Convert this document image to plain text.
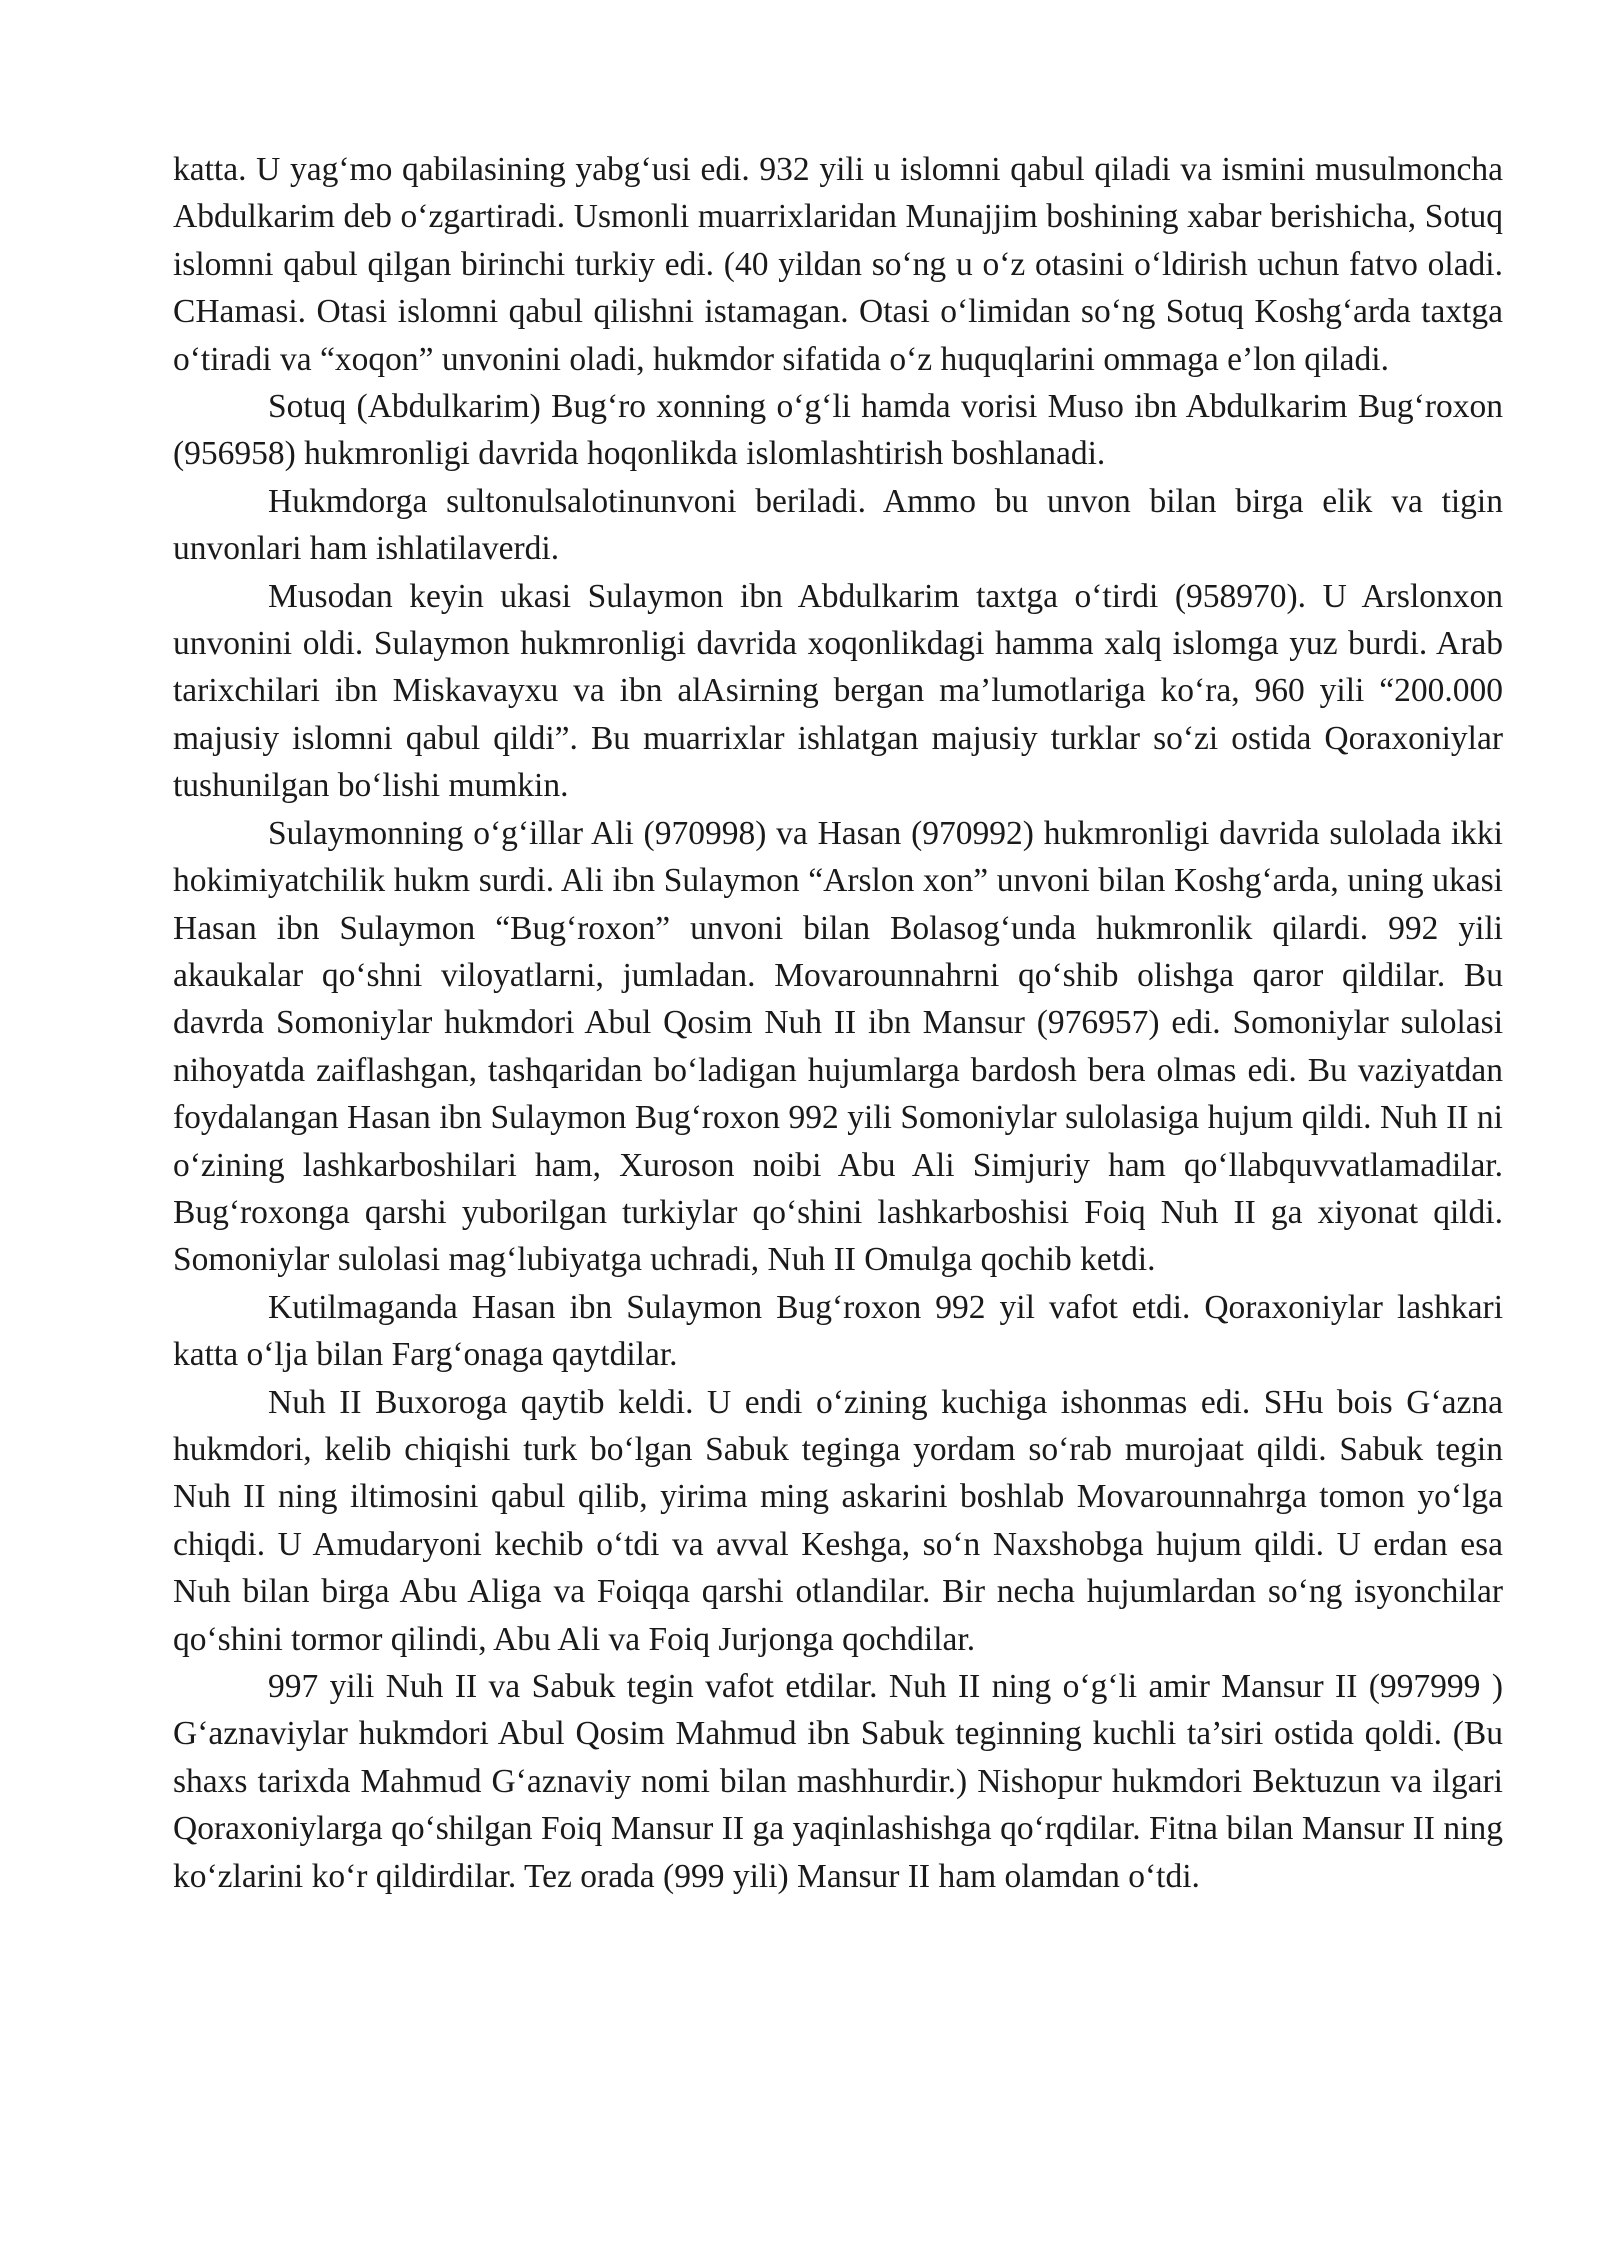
katta. U yag‘mo qabilasining yabg‘usi edi. 932 yili u islomni qabul qiladi va ismini musulmoncha Abdulkarim deb o‘zgartiradi. Usmonli muarrixlaridan Munajjim boshining xabar berishicha, Sotuq islomni qabul qilgan birinchi turkiy edi. (40 yildan so‘ng u o‘z otasini o‘ldirish uchun fatvo oladi. CHamasi. Otasi islomni qabul qilishni istamagan. Otasi o‘limidan so‘ng Sotuq Koshg‘arda taxtga o‘tiradi va “xoqon” unvonini oladi, hukmdor sifatida o‘z huquqlarini ommaga e’lon qiladi.

Sotuq (Abdulkarim) Bug‘ro xonning o‘g‘li hamda vorisi Muso ibn Abdulkarim Bug‘roxon (956958) hukmronligi davrida hoqonlikda islomlashtirish boshlanadi.

Hukmdorga sultonulsalotinunvoni beriladi. Ammo bu unvon bilan birga elik va tigin unvonlari ham ishlatilaverdi.

Musodan keyin ukasi Sulaymon ibn Abdulkarim taxtga o‘tirdi (958970). U Arslonxon unvonini oldi. Sulaymon hukmronligi davrida xoqonlikdagi hamma xalq islomga yuz burdi. Arab tarixchilari ibn Miskavayxu va ibn alAsirning bergan ma’lumotlariga ko‘ra, 960 yili “200.000 majusiy islomni qabul qildi”. Bu muarrixlar ishlatgan majusiy turklar so‘zi ostida Qoraxoniylar tushunilgan bo‘lishi mumkin.

Sulaymonning o‘g‘illar Ali (970998) va Hasan (970992) hukmronligi davrida sulolada ikki hokimiyatchilik hukm surdi. Ali ibn Sulaymon “Arslon xon” unvoni bilan Koshg‘arda, uning ukasi Hasan ibn Sulaymon “Bug‘roxon” unvoni bilan Bolasog‘unda hukmronlik qilardi. 992 yili akaukalar qo‘shni viloyatlarni, jumladan. Movarounnahrni qo‘shib olishga qaror qildilar. Bu davrda Somoniylar hukmdori Abul Qosim Nuh II ibn Mansur (976957) edi. Somoniylar sulolasi nihoyatda zaiflashgan, tashqaridan bo‘ladigan hujumlarga bardosh bera olmas edi. Bu vaziyatdan foydalangan Hasan ibn Sulaymon Bug‘roxon 992 yili Somoniylar sulolasiga hujum qildi. Nuh II ni o‘zining lashkarboshilari ham, Xuroson noibi Abu Ali Simjuriy ham qo‘llabquvvatlamadilar. Bug‘roxonga qarshi yuborilgan turkiylar qo‘shini lashkarboshisi Foiq Nuh II ga xiyonat qildi. Somoniylar sulolasi mag‘lubiyatga uchradi, Nuh II Omulga qochib ketdi.

Kutilmaganda Hasan ibn Sulaymon Bug‘roxon 992 yil vafot etdi. Qoraxoniylar lashkari katta o‘lja bilan Farg‘onaga qaytdilar.

Nuh II Buxoroga qaytib keldi. U endi o‘zining kuchiga ishonmas edi. SHu bois G‘azna hukmdori, kelib chiqishi turk bo‘lgan Sabuk teginga yordam so‘rab murojaat qildi. Sabuk tegin Nuh II ning iltimosini qabul qilib, yirima ming askarini boshlab Movarounnahrga tomon yo‘lga chiqdi. U Amudaryoni kechib o‘tdi va avval Keshga, so‘n Naxshobga hujum qildi. U erdan esa Nuh bilan birga Abu Aliga va Foiqqa qarshi otlandilar. Bir necha hujumlardan so‘ng isyonchilar qo‘shini tormor qilindi, Abu Ali va Foiq Jurjonga qochdilar.

997 yili Nuh II va Sabuk tegin vafot etdilar. Nuh II ning o‘g‘li amir Mansur II (997999 ) G‘aznaviylar hukmdori Abul Qosim Mahmud ibn Sabuk teginning kuchli ta’siri ostida qoldi. (Bu shaxs tarixda Mahmud G‘aznaviy nomi bilan mashhurdir.) Nishopur hukmdori Bektuzun va ilgari Qoraxoniylarga qo‘shilgan Foiq Mansur II ga yaqinlashishga qo‘rqdilar. Fitna bilan Mansur II ning ko‘zlarini ko‘r qildirdilar. Tez orada (999 yili) Mansur II ham olamdan o‘tdi.
